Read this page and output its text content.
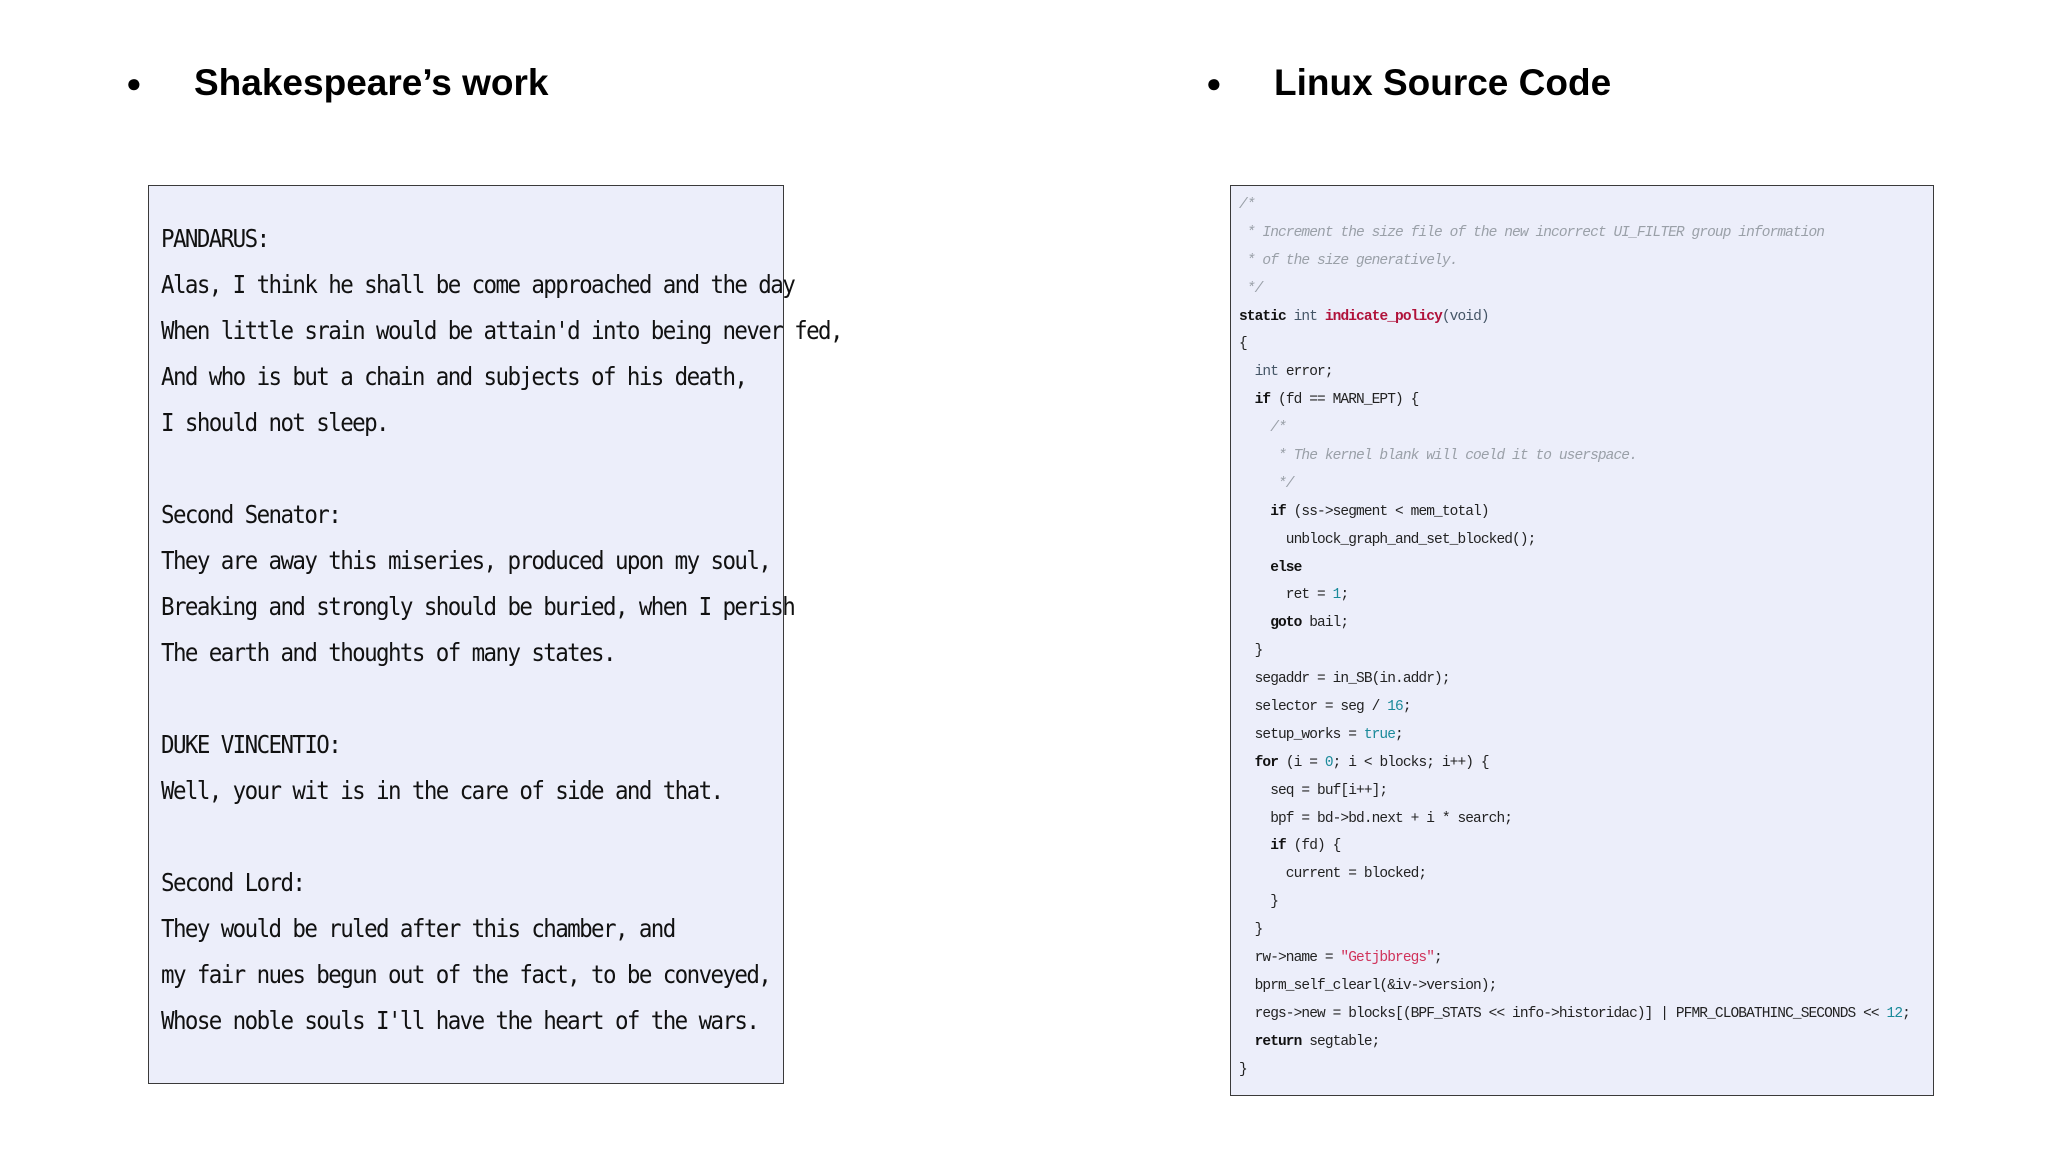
●	Shakespeare’s work	●	Linux Source Code
PANDARUS:
Alas, I think he shall be come approached and the day
When little srain would be attain'd into being never fed,
And who is but a chain and subjects of his death,
I should not sleep.
Second Senator:
They are away this miseries, produced upon my soul,
Breaking and strongly should be buried, when I perish
The earth and thoughts of many states.
DUKE VINCENTIO:
Well, your wit is in the care of side and that.
Second Lord:
They would be ruled after this chamber, and
my fair nues begun out of the fact, to be conveyed,
Whose noble souls I'll have the heart of the wars.
/*
* Increment the size file of the new incorrect UI_FILTER group information
* of the size generatively.
*/
static int indicate_policy(void)
{
int error;
if (fd == MARN_EPT) {
/*
* The kernel blank will coeld it to userspace.
*/
if (ss->segment < mem_total)
unblock_graph_and_set_blocked();
else
ret = 1;
goto bail;
}
segaddr = in_SB(in.addr);
selector = seg / 16;
setup_works = true;
for (i = 0; i < blocks; i++) {
seq = buf[i++];
bpf = bd->bd.next + i * search;
if (fd) {
current = blocked;
}
}
rw->name = "Getjbbregs";
bprm_self_clearl(&iv->version);
regs->new = blocks[(BPF_STATS << info->historidac)] | PFMR_CLOBATHINC_SECONDS << 12;
return segtable;
}
